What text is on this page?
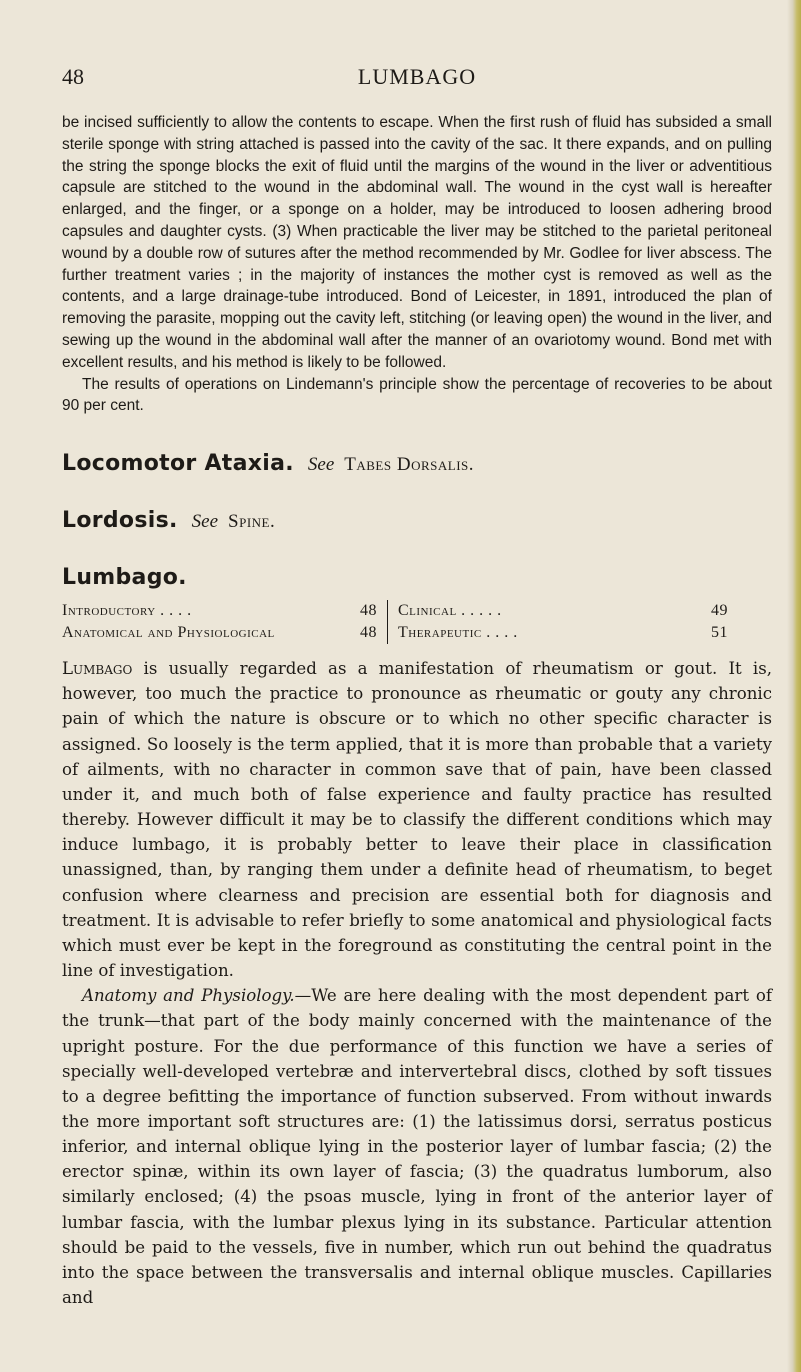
48	LUMBAGO

be incised sufficiently to allow the contents to escape. When the first rush of fluid has subsided a small sterile sponge with string attached is passed into the cavity of the sac. It there expands, and on pulling the string the sponge blocks the exit of fluid until the margins of the wound in the liver or adventitious capsule are stitched to the wound in the abdominal wall. The wound in the cyst wall is hereafter enlarged, and the finger, or a sponge on a holder, may be introduced to loosen adhering brood capsules and daughter cysts. (3) When practicable the liver may be stitched to the parietal peritoneal wound by a double row of sutures after the method recommended by Mr. Godlee for liver abscess. The further treatment varies ; in the majority of instances the mother cyst is removed as well as the contents, and a large drainage-tube introduced. Bond of Leicester, in 1891, introduced the plan of removing the parasite, mopping out the cavity left, stitching (or leaving open) the wound in the liver, and sewing up the wound in the abdominal wall after the manner of an ovariotomy wound. Bond met with excellent results, and his method is likely to be followed.

The results of operations on Lindemann's principle show the percentage of recoveries to be about 90 per cent.

Locomotor Ataxia. See Tabes Dorsalis.
Lordosis. See Spine.
Lumbago.
Introductory . . . .	48
Anatomical and Physiological	48
Clinical . . . . .	49
Therapeutic . . . .	51

Lumbago is usually regarded as a manifestation of rheumatism or gout. It is, however, too much the practice to pronounce as rheumatic or gouty any chronic pain of which the nature is obscure or to which no other specific character is assigned. So loosely is the term applied, that it is more than probable that a variety of ailments, with no character in common save that of pain, have been classed under it, and much both of false experience and faulty practice has resulted thereby. However difficult it may be to classify the different conditions which may induce lumbago, it is probably better to leave their place in classification unassigned, than, by ranging them under a definite head of rheumatism, to beget confusion where clearness and precision are essential both for diagnosis and treatment. It is advisable to refer briefly to some anatomical and physiological facts which must ever be kept in the foreground as constituting the central point in the line of investigation.

Anatomy and Physiology.—We are here dealing with the most dependent part of the trunk—that part of the body mainly concerned with the maintenance of the upright posture. For the due performance of this function we have a series of specially well-developed vertebræ and intervertebral discs, clothed by soft tissues to a degree befitting the importance of function subserved. From without inwards the more important soft structures are: (1) the latissimus dorsi, serratus posticus inferior, and internal oblique lying in the posterior layer of lumbar fascia; (2) the erector spinæ, within its own layer of fascia; (3) the quadratus lumborum, also similarly enclosed; (4) the psoas muscle, lying in front of the anterior layer of lumbar fascia, with the lumbar plexus lying in its substance. Particular attention should be paid to the vessels, five in number, which run out behind the quadratus into the space between the transversalis and internal oblique muscles. Capillaries and
